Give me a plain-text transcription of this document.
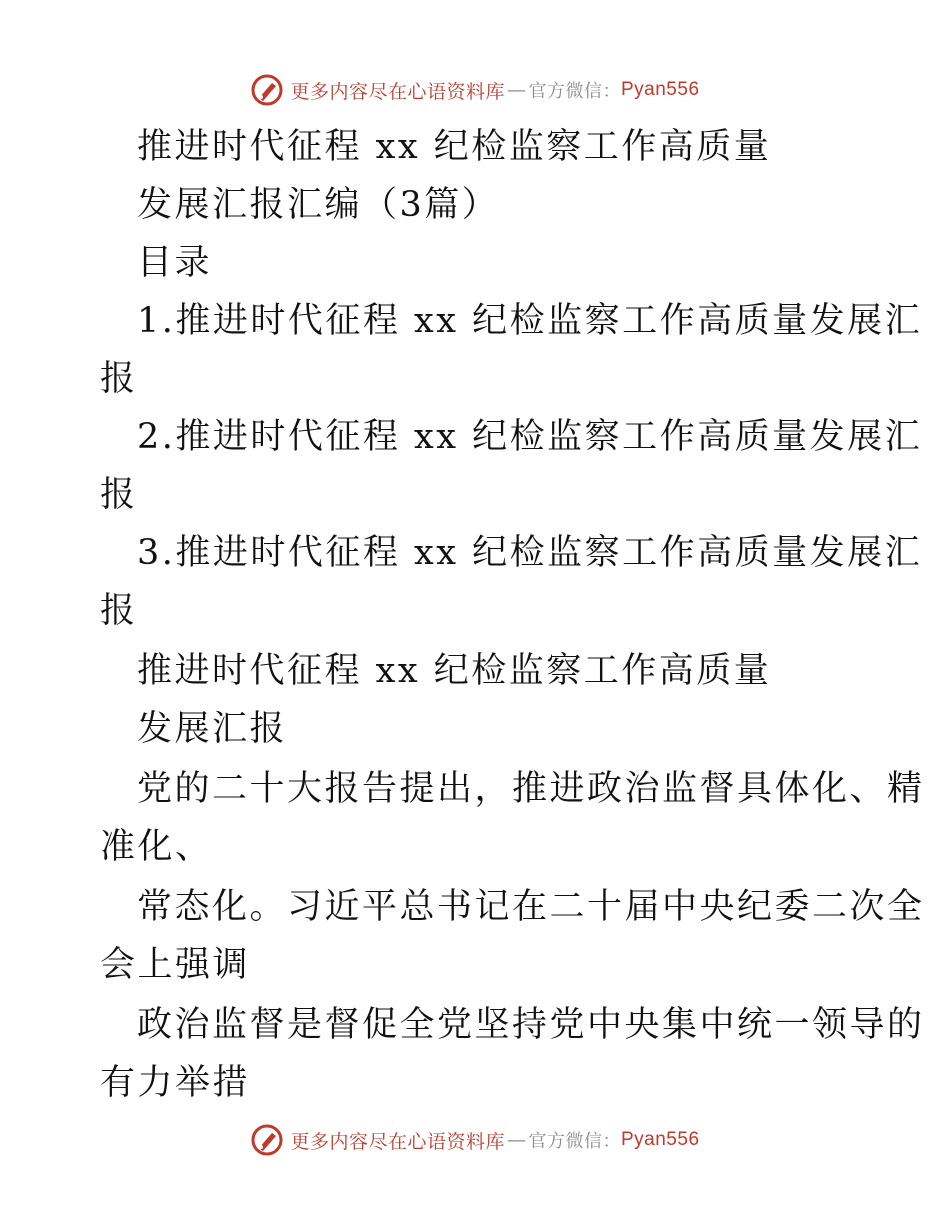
更多内容尽在心语资料库 — 官方微信： Pyan556
推进时代征程 xx 纪检监察工作高质量
发展汇报汇编（3篇）
目录
1.推进时代征程 xx 纪检监察工作高质量发展汇
报
2.推进时代征程 xx 纪检监察工作高质量发展汇
报
3.推进时代征程 xx 纪检监察工作高质量发展汇
报
推进时代征程 xx 纪检监察工作高质量
发展汇报
党的二十大报告提出，推进政治监督具体化、精
准化、
常态化。习近平总书记在二十届中央纪委二次全
会上强调
政治监督是督促全党坚持党中央集中统一领导的
有力举措
更多内容尽在心语资料库 — 官方微信： Pyan556
